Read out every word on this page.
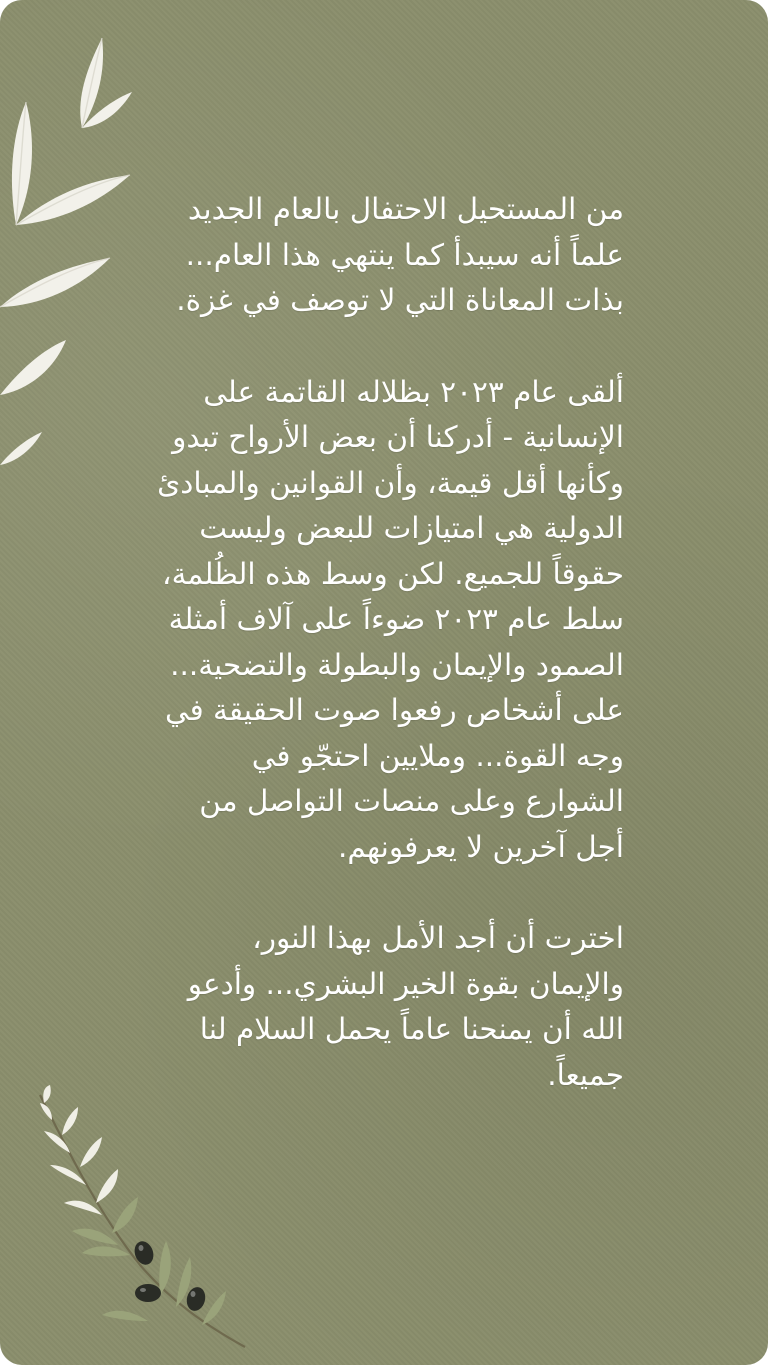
من المستحيل الاحتفال بالعام الجديد
علماً أنه سيبدأ كما ينتهي هذا العام...
بذات المعاناة التي لا توصف في غزة.

ألقى عام ٢٠٢٣ بظلاله القاتمة على
الإنسانية - أدركنا أن بعض الأرواح تبدو
وكأنها أقل قيمة، وأن القوانين والمبادئ
الدولية هي امتيازات للبعض وليست
حقوقاً للجميع. لكن وسط هذه الظُلمة،
سلط عام ٢٠٢٣ ضوءاً على آلاف أمثلة
الصمود والإيمان والبطولة والتضحية...
على أشخاص رفعوا صوت الحقيقة في
وجه القوة... وملايين احتجّو في
الشوارع وعلى منصات التواصل من
أجل آخرين لا يعرفونهم.

اخترت أن أجد الأمل بهذا النور،
والإيمان بقوة الخير البشري... وأدعو
الله أن يمنحنا عاماً يحمل السلام لنا
جميعاً.
